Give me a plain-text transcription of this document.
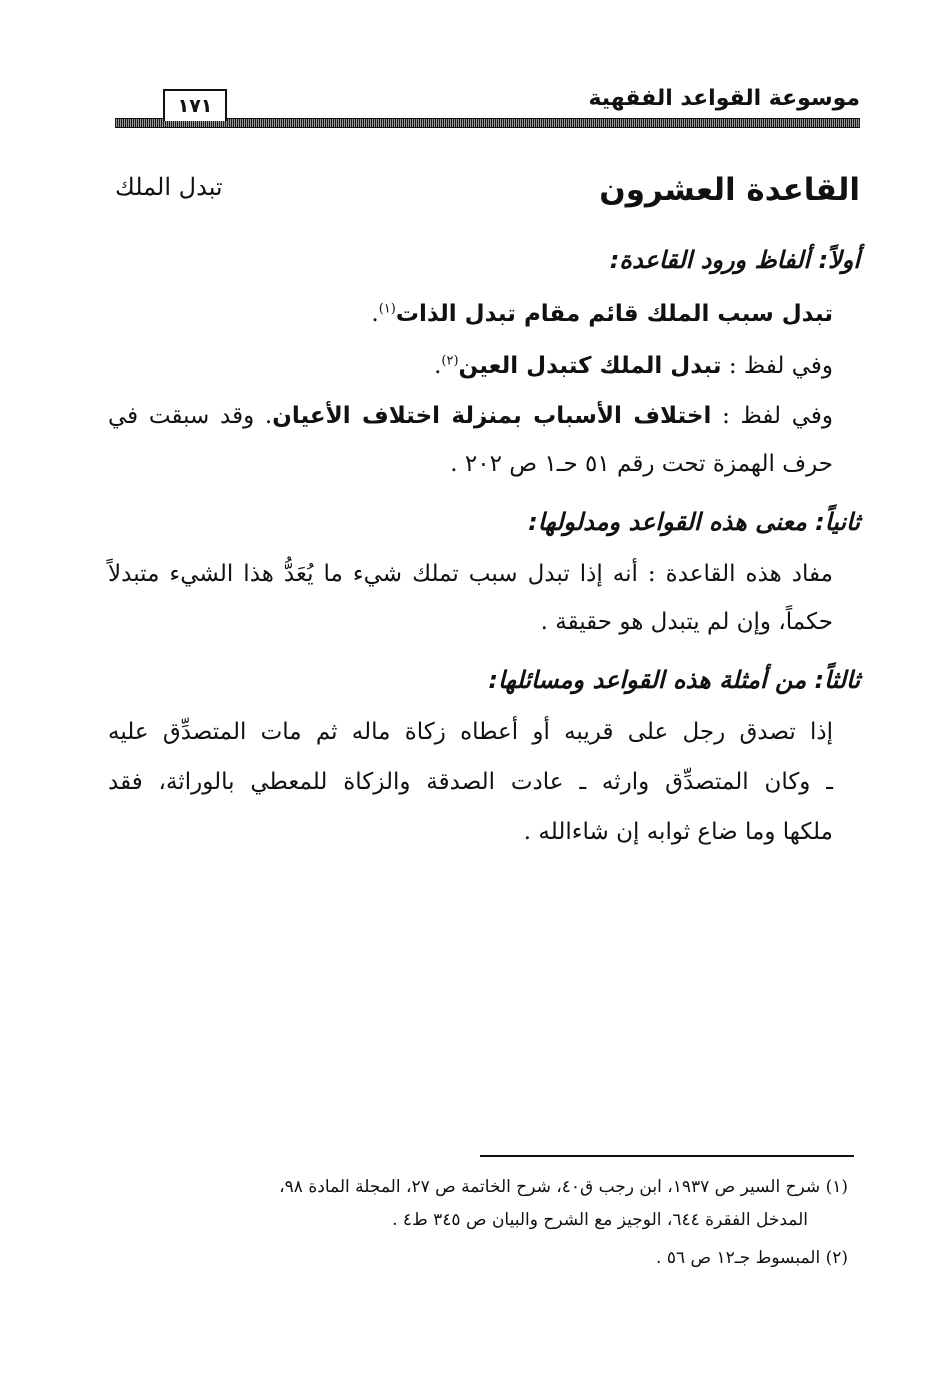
موسوعة القواعد الفقهية
١٧١
القاعدة العشرون
تبدل الملك
أولاً: ألفاظ ورود القاعدة:
تبدل سبب الملك قائم مقام تبدل الذات$^{(١)}$.
وفي لفظ : تبدل الملك كتبدل العين$^{(٢)}$.
وفي لفظ : اختلاف الأسباب بمنزلة اختلاف الأعيان. وقد سبقت في
حرف الهمزة تحت رقم ٥١ حـ١ ص ٢٠٢ .
ثانياً: معنى هذه القواعد ومدلولها:
مفاد هذه القاعدة : أنه إذا تبدل سبب تملك شيء ما يُعَدُّ هذا الشيء متبدلاً
حكماً، وإن لم يتبدل هو حقيقة .
ثالثاً: من أمثلة هذه القواعد ومسائلها:
إذا تصدق رجل على قريبه أو أعطاه زكاة ماله ثم مات المتصدِّق عليه
ـ وكان المتصدِّق وارثه ـ عادت الصدقة والزكاة للمعطي بالوراثة، فقد
ملكها وما ضاع ثوابه إن شاءالله .
(١) شرح السير ص ١٩٣٧، ابن رجب ق٤٠، شرح الخاتمة ص ٢٧، المجلة المادة ٩٨،
المدخل الفقرة ٦٤٤، الوجيز مع الشرح والبيان ص ٣٤٥ ط٤ .
(٢) المبسوط جـ١٢ ص ٥٦ .
